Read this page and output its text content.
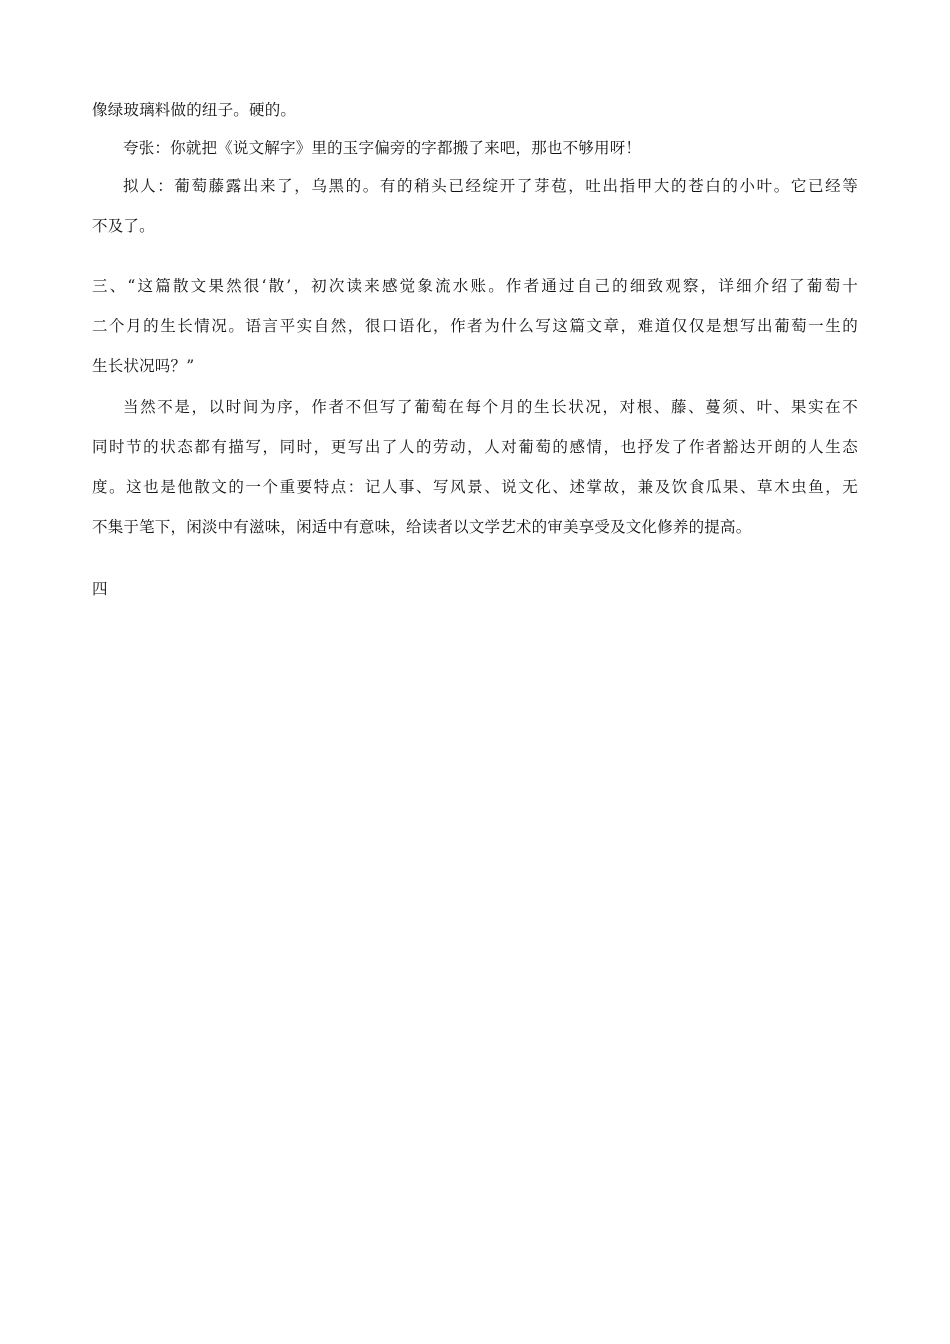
像绿玻璃料做的纽子。硬的。
夸张：你就把《说文解字》里的玉字偏旁的字都搬了来吧，那也不够用呀！
拟人：葡萄藤露出来了，乌黑的。有的稍头已经绽开了芽苞，吐出指甲大的苍白的小叶。它已经等
不及了。
三、“这篇散文果然很‘散’，初次读来感觉象流水账。作者通过自己的细致观察，详细介绍了葡萄十
二个月的生长情况。语言平实自然，很口语化，作者为什么写这篇文章，难道仅仅是想写出葡萄一生的
生长状况吗？”
当然不是，以时间为序，作者不但写了葡萄在每个月的生长状况，对根、藤、蔓须、叶、果实在不
同时节的状态都有描写，同时，更写出了人的劳动，人对葡萄的感情，也抒发了作者豁达开朗的人生态
度。这也是他散文的一个重要特点：记人事、写风景、说文化、述掌故，兼及饮食瓜果、草木虫鱼，无
不集于笔下，闲淡中有滋味，闲适中有意味，给读者以文学艺术的审美享受及文化修养的提高。
四
